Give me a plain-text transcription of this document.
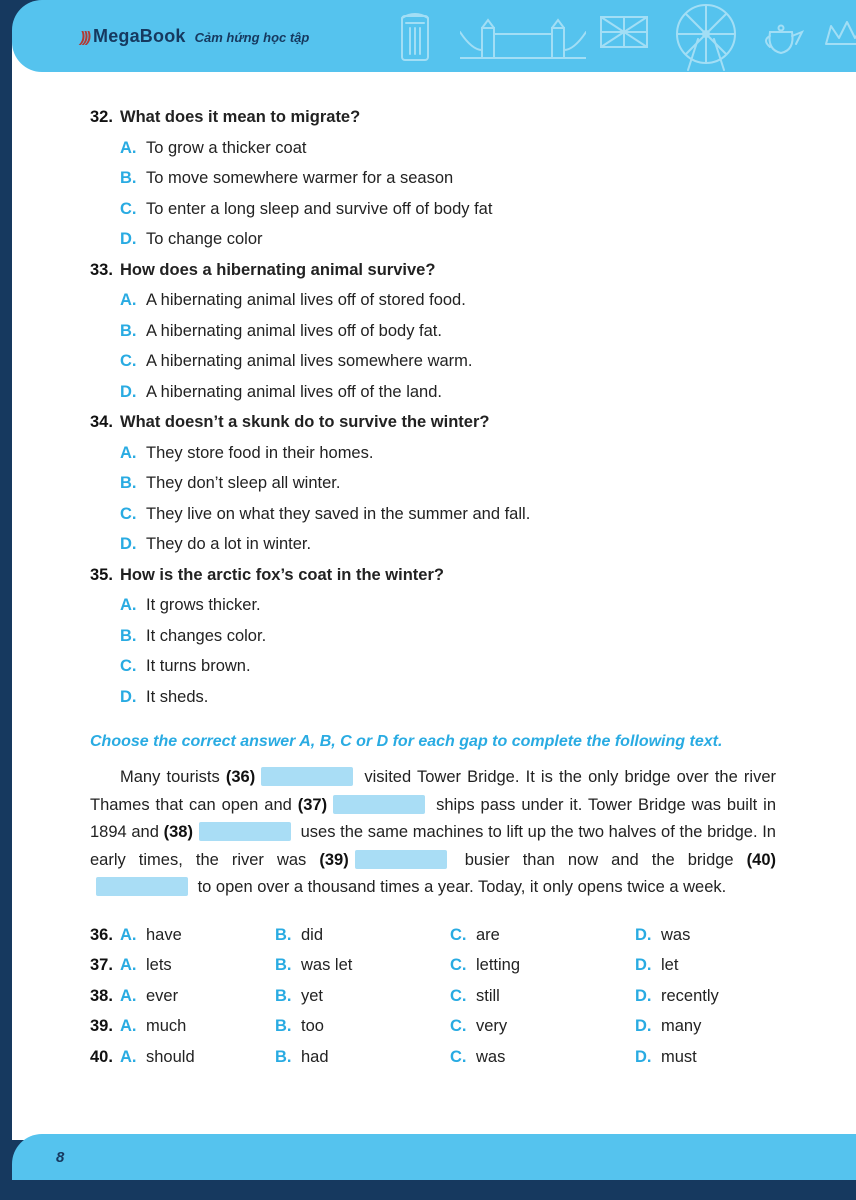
))) MegaBook Cảm hứng học tập
32. What does it mean to migrate?
A. To grow a thicker coat
B. To move somewhere warmer for a season
C. To enter a long sleep and survive off of body fat
D. To change color
33. How does a hibernating animal survive?
A. A hibernating animal lives off of stored food.
B. A hibernating animal lives off of body fat.
C. A hibernating animal lives somewhere warm.
D. A hibernating animal lives off of the land.
34. What doesn’t a skunk do to survive the winter?
A. They store food in their homes.
B. They don’t sleep all winter.
C. They live on what they saved in the summer and fall.
D. They do a lot in winter.
35. How is the arctic fox’s coat in the winter?
A. It grows thicker.
B. It changes color.
C. It turns brown.
D. It sheds.

Choose the correct answer A, B, C or D for each gap to complete the following text.

Many tourists (36)	visited Tower Bridge. It is the only bridge over the river Thames that can open and (37)	ships pass under it. Tower Bridge was built in 1894 and (38)	uses the same machines to lift up the two halves of the bridge. In early times, the river was (39)	busier than now and the bridge (40) to open over a thousand times a year. Today, it only opens twice a week.

36. A. have	B. did	C. are	D. was
37. A. lets	B. was let	C. letting	D. let
38. A. ever	B. yet	C. still	D. recently
39. A. much	B. too	C. very	D. many
40. A. should	B. had	C. was	D. must
8
